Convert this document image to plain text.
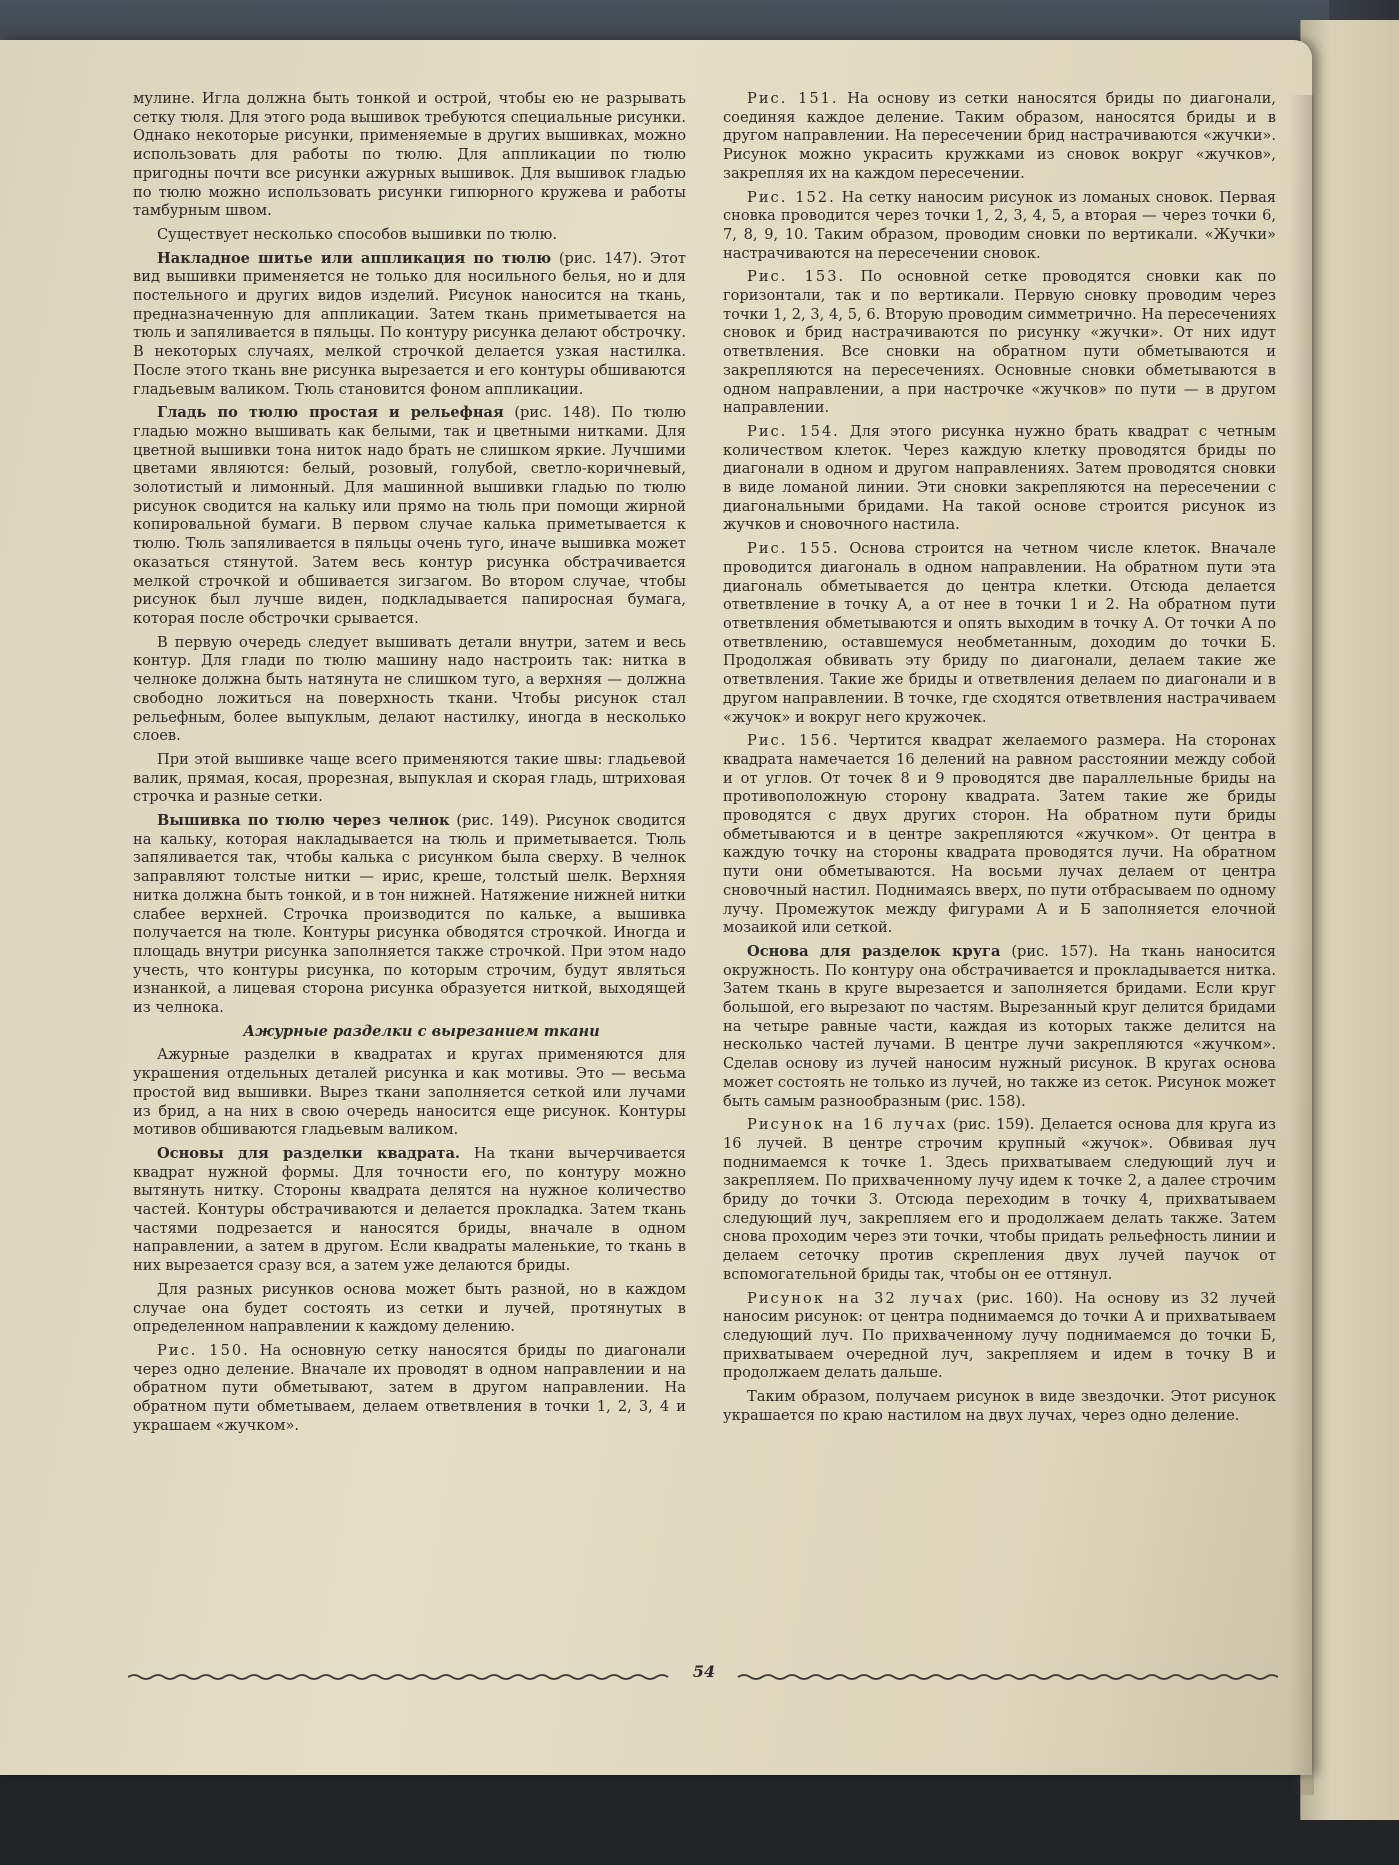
мулине. Игла должна быть тонкой и острой, чтобы ею не разрывать сетку тюля. Для этого рода вышивок требуются специальные рисунки. Однако некоторые рисунки, применяемые в других вышивках, можно использовать для работы по тюлю. Для аппликации по тюлю пригодны почти все рисунки ажурных вышивок. Для вышивок гладью по тюлю можно использовать рисунки гипюрного кружева и работы тамбурным швом.

Существует несколько способов вышивки по тюлю.

Накладное шитье или аппликация по тюлю (рис. 147). Этот вид вышивки применяется не только для носильного белья, но и для постельного и других видов изделий. Рисунок наносится на ткань, предназначенную для аппликации. Затем ткань приметывается на тюль и запяливается в пяльцы. По контуру рисунка делают обстрочку. В некоторых случаях, мелкой строчкой делается узкая настилка. После этого ткань вне рисунка вырезается и его контуры обшиваются гладьевым валиком. Тюль становится фоном аппликации.

Гладь по тюлю простая и рельефная (рис. 148). По тюлю гладью можно вышивать как белыми, так и цветными нитками. Для цветной вышивки тона ниток надо брать не слишком яркие. Лучшими цветами являются: белый, розовый, голубой, светло-коричневый, золотистый и лимонный. Для машинной вышивки гладью по тюлю рисунок сводится на кальку или прямо на тюль при помощи жирной копировальной бумаги. В первом случае калька приметывается к тюлю. Тюль запяливается в пяльцы очень туго, иначе вышивка может оказаться стянутой. Затем весь контур рисунка обстрачивается мелкой строчкой и обшивается зигзагом. Во втором случае, чтобы рисунок был лучше виден, подкладывается папиросная бумага, которая после обстрочки срывается.

В первую очередь следует вышивать детали внутри, затем и весь контур. Для глади по тюлю машину надо настроить так: нитка в челноке должна быть натянута не слишком туго, а верхняя — должна свободно ложиться на поверхность ткани. Чтобы рисунок стал рельефным, более выпуклым, делают настилку, иногда в несколько слоев.

При этой вышивке чаще всего применяются такие швы: гладьевой валик, прямая, косая, прорезная, выпуклая и скорая гладь, штриховая строчка и разные сетки.

Вышивка по тюлю через челнок (рис. 149). Рисунок сводится на кальку, которая накладывается на тюль и приметывается. Тюль запяливается так, чтобы калька с рисунком была сверху. В челнок заправляют толстые нитки — ирис, креше, толстый шелк. Верхняя нитка должна быть тонкой, и в тон нижней. Натяжение нижней нитки слабее верхней. Строчка производится по кальке, а вышивка получается на тюле. Контуры рисунка обводятся строчкой. Иногда и площадь внутри рисунка заполняется также строчкой. При этом надо учесть, что контуры рисунка, по которым строчим, будут являться изнанкой, а лицевая сторона рисунка образуется ниткой, выходящей из челнока.

Ажурные разделки с вырезанием ткани

Ажурные разделки в квадратах и кругах применяются для украшения отдельных деталей рисунка и как мотивы. Это — весьма простой вид вышивки. Вырез ткани заполняется сеткой или лучами из брид, а на них в свою очередь наносится еще рисунок. Контуры мотивов обшиваются гладьевым валиком.

Основы для разделки квадрата. На ткани вычерчивается квадрат нужной формы. Для точности его, по контуру можно вытянуть нитку. Стороны квадрата делятся на нужное количество частей. Контуры обстрачиваются и делается прокладка. Затем ткань частями подрезается и наносятся бриды, вначале в одном направлении, а затем в другом. Если квадраты маленькие, то ткань в них вырезается сразу вся, а затем уже делаются бриды.

Для разных рисунков основа может быть разной, но в каждом случае она будет состоять из сетки и лучей, протянутых в определенном направлении к каждому делению.

Рис. 150. На основную сетку наносятся бриды по диагонали через одно деление. Вначале их проводят в одном направлении и на обратном пути обметывают, затем в другом направлении. На обратном пути обметываем, делаем ответвления в точки 1, 2, 3, 4 и украшаем «жучком».

Рис. 151. На основу из сетки наносятся бриды по диагонали, соединяя каждое деление. Таким образом, наносятся бриды и в другом направлении. На пересечении брид настрачиваются «жучки». Рисунок можно украсить кружками из сновок вокруг «жучков», закрепляя их на каждом пересечении.

Рис. 152. На сетку наносим рисунок из ломаных сновок. Первая сновка проводится через точки 1, 2, 3, 4, 5, а вторая — через точки 6, 7, 8, 9, 10. Таким образом, проводим сновки по вертикали. «Жучки» настрачиваются на пересечении сновок.

Рис. 153. По основной сетке проводятся сновки как по горизонтали, так и по вертикали. Первую сновку проводим через точки 1, 2, 3, 4, 5, 6. Вторую проводим симметрично. На пересечениях сновок и брид настрачиваются по рисунку «жучки». От них идут ответвления. Все сновки на обратном пути обметываются и закрепляются на пересечениях. Основные сновки обметываются в одном направлении, а при настрочке «жучков» по пути — в другом направлении.

Рис. 154. Для этого рисунка нужно брать квадрат с четным количеством клеток. Через каждую клетку проводятся бриды по диагонали в одном и другом направлениях. Затем проводятся сновки в виде ломаной линии. Эти сновки закрепляются на пересечении с диагональными бридами. На такой основе строится рисунок из жучков и сновочного настила.

Рис. 155. Основа строится на четном числе клеток. Вначале проводится диагональ в одном направлении. На обратном пути эта диагональ обметывается до центра клетки. Отсюда делается ответвление в точку А, а от нее в точки 1 и 2. На обратном пути ответвления обметываются и опять выходим в точку А. От точки А по ответвлению, оставшемуся необметанным, доходим до точки Б. Продолжая обвивать эту бриду по диагонали, делаем такие же ответвления. Такие же бриды и ответвления делаем по диагонали и в другом направлении. В точке, где сходятся ответвления настрачиваем «жучок» и вокруг него кружочек.

Рис. 156. Чертится квадрат желаемого размера. На сторонах квадрата намечается 16 делений на равном расстоянии между собой и от углов. От точек 8 и 9 проводятся две параллельные бриды на противоположную сторону квадрата. Затем такие же бриды проводятся с двух других сторон. На обратном пути бриды обметываются и в центре закрепляются «жучком». От центра в каждую точку на стороны квадрата проводятся лучи. На обратном пути они обметываются. На восьми лучах делаем от центра сновочный настил. Поднимаясь вверх, по пути отбрасываем по одному лучу. Промежуток между фигурами А и Б заполняется елочной мозаикой или сеткой.

Основа для разделок круга (рис. 157). На ткань наносится окружность. По контуру она обстрачивается и прокладывается нитка. Затем ткань в круге вырезается и заполняется бридами. Если круг большой, его вырезают по частям. Вырезанный круг делится бридами на четыре равные части, каждая из которых также делится на несколько частей лучами. В центре лучи закрепляются «жучком». Сделав основу из лучей наносим нужный рисунок. В кругах основа может состоять не только из лучей, но также из сеток. Рисунок может быть самым разнообразным (рис. 158).

Рисунок на 16 лучах (рис. 159). Делается основа для круга из 16 лучей. В центре строчим крупный «жучок». Обвивая луч поднимаемся к точке 1. Здесь прихватываем следующий луч и закрепляем. По прихваченному лучу идем к точке 2, а далее строчим бриду до точки 3. Отсюда переходим в точку 4, прихватываем следующий луч, закрепляем его и продолжаем делать также. Затем снова проходим через эти точки, чтобы придать рельефность линии и делаем сеточку против скрепления двух лучей паучок от вспомогательной бриды так, чтобы он ее оттянул.

Рисунок на 32 лучах (рис. 160). На основу из 32 лучей наносим рисунок: от центра поднимаемся до точки А и прихватываем следующий луч. По прихваченному лучу поднимаемся до точки Б, прихватываем очередной луч, закрепляем и идем в точку В и продолжаем делать дальше.

Таким образом, получаем рисунок в виде звездочки. Этот рисунок украшается по краю настилом на двух лучах, через одно деление.

54
